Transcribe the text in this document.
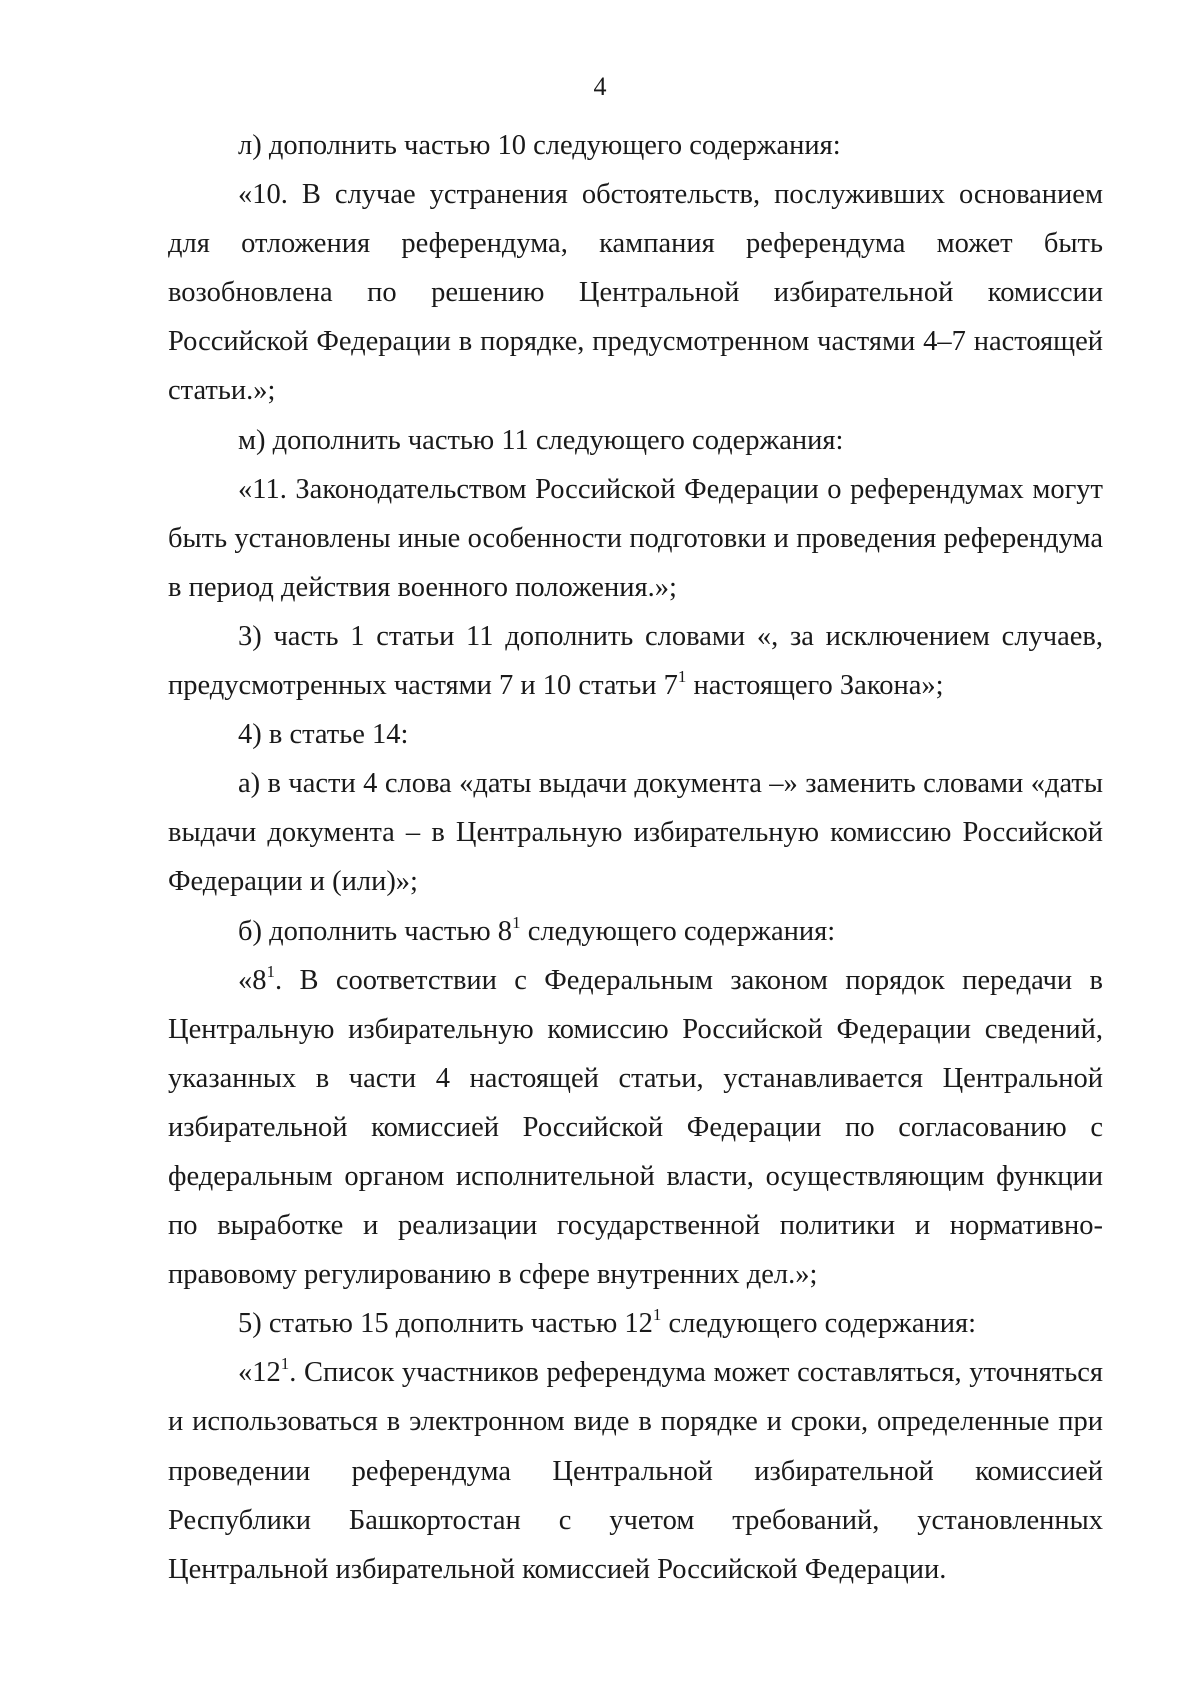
4

л) дополнить частью 10 следующего содержания:

«10. В случае устранения обстоятельств, послуживших основанием для отложения референдума, кампания референдума может быть возобновлена по решению Центральной избирательной комиссии Российской Федерации в порядке, предусмотренном частями 4–7 настоящей статьи.»;

м) дополнить частью 11 следующего содержания:

«11. Законодательством Российской Федерации о референдумах могут быть установлены иные особенности подготовки и проведения референдума в период действия военного положения.»;

3) часть 1 статьи 11 дополнить словами «, за исключением случаев, предусмотренных частями 7 и 10 статьи $7^1$ настоящего Закона»;

4) в статье 14:

а) в части 4 слова «даты выдачи документа –» заменить словами «даты выдачи документа – в Центральную избирательную комиссию Российской Федерации и (или)»;

б) дополнить частью $8^1$ следующего содержания:

«$8^1$. В соответствии с Федеральным законом порядок передачи в Центральную избирательную комиссию Российской Федерации сведений, указанных в части 4 настоящей статьи, устанавливается Центральной избирательной комиссией Российской Федерации по согласованию с федеральным органом исполнительной власти, осуществляющим функции по выработке и реализации государственной политики и нормативно-правовому регулированию в сфере внутренних дел.»;

5) статью 15 дополнить частью $12^1$ следующего содержания:

«$12^1$. Список участников референдума может составляться, уточняться и использоваться в электронном виде в порядке и сроки, определенные при проведении референдума Центральной избирательной комиссией Республики Башкортостан с учетом требований, установленных Центральной избирательной комиссией Российской Федерации.
